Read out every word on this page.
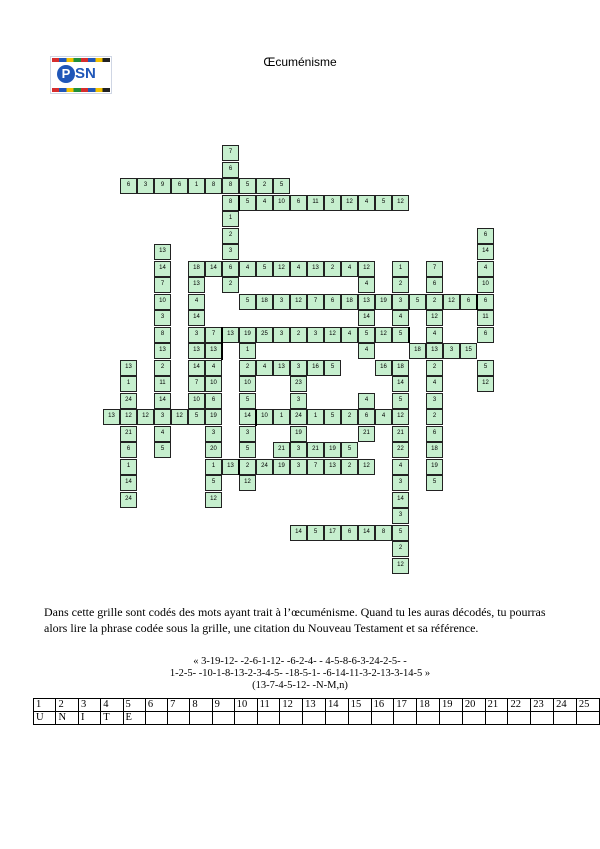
P SN
Œcuménisme
7
6
6	3	9	6	1	8	8	5	2	5
8	5	4	10	6	11	3	12	4	5	12
1
2	6
13	3	14
14	18	14	6	4	5	12	4	13	2	4	12	1	7	4
7	13	2	4	2	6	10
10	4	5	18	3	12	7	6	18	13	19	3	5	2	12	6	6
3	14	14	4	12	11
8	3	7	13	19	25	3	2	3	12	4	5	12	5	4	6
13	13	13	1	4	18	13	3	15
13	2	14	4	2	4	13	3	16	5	16	18	2	5
1	11	7	10	10	23	14	4	12
24	14	10	6	5	3	4	5	3
13	12	12	3	12	5	19	14	10	1	24	1	5	2	6	4	12	2
21	4	3	3	19	21	21	6
6	5	20	5	21	3	21	19	5	22	18
1	1	13	2	24	19	3	7	13	2	12	4	19
14	5	12	3	5
24	12	14
3
14	5	17	6	14	8	5
2
12
Dans cette grille sont codés des mots ayant trait à l’œcuménisme. Quand tu les auras décodés, tu pourras alors lire la phrase codée sous la grille, une citation du Nouveau Testament et sa référence.
« 3-19-12- -2-6-1-12- -6-2-4- - 4-5-8-6-3-24-2-5- -
1-2-5- -10-1-8-13-2-3-4-5- -18-5-1- -6-14-11-3-2-13-3-14-5 »
(13-7-4-5-12- -N-M,n)
1	2	3	4	5	6	7	8	9	10	11	12	13	14	15	16	17	18	19	20	21	22	23	24	25
U	N	I	T	E																				
